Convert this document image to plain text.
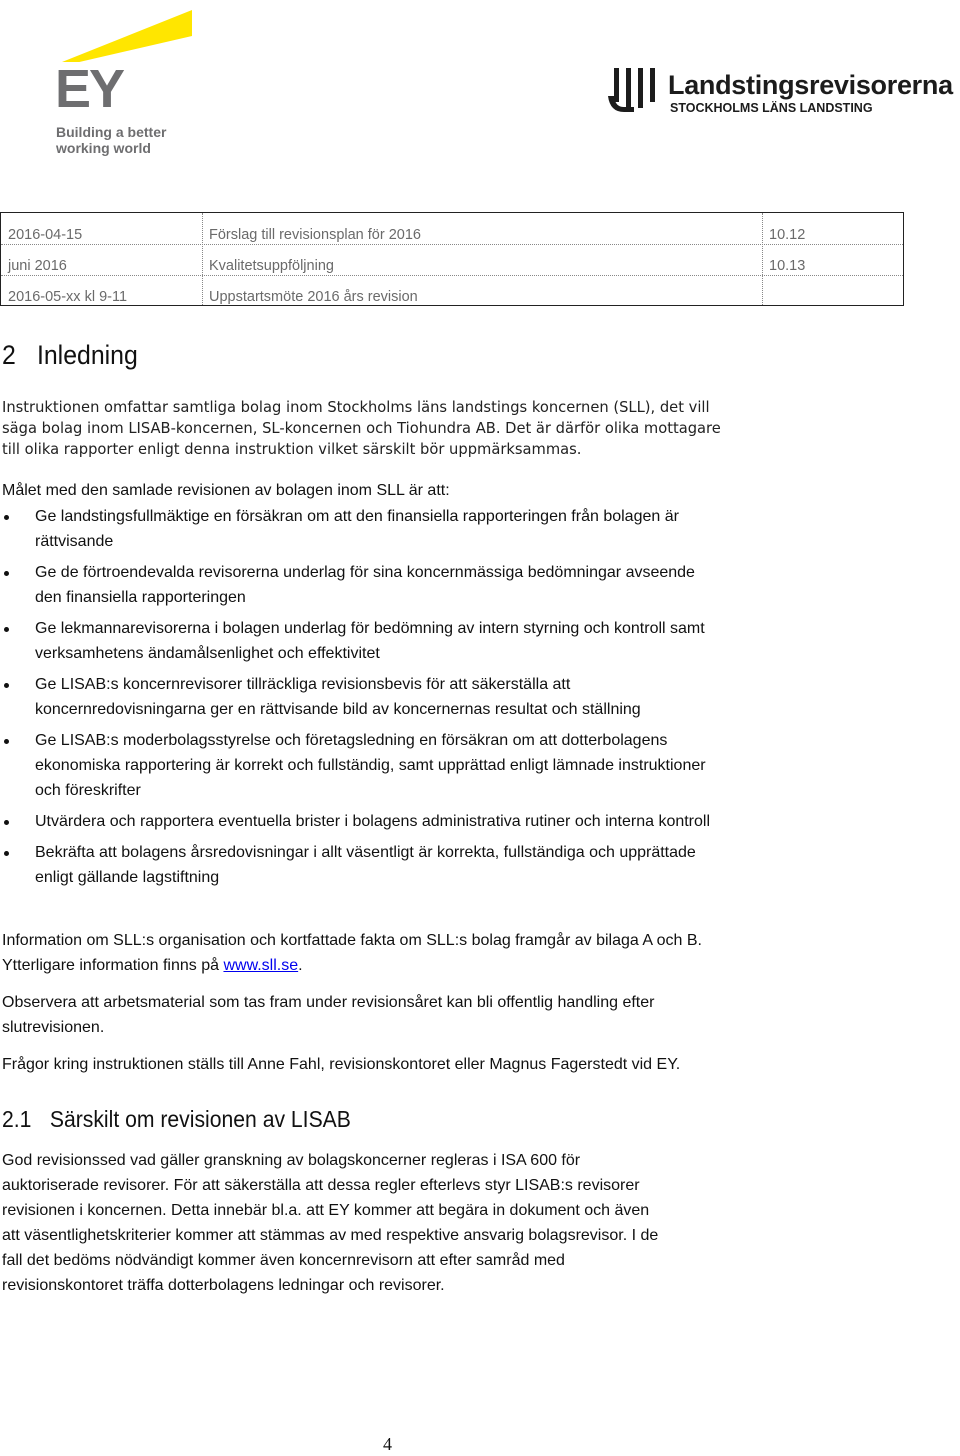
EY
Building a better
working world
Landstingsrevisorerna
STOCKHOLMS LÄNS LANDSTING
2016-04-15	Förslag till revisionsplan för 2016	10.12
juni 2016	Kvalitetsuppföljning	10.13
2016-05-xx kl 9-11	Uppstartsmöte 2016 års revision
2 Inledning
Instruktionen omfattar samtliga bolag inom Stockholms läns landstings koncernen (SLL), det vill
säga bolag inom LISAB-koncernen, SL-koncernen och Tiohundra AB. Det är därför olika mottagare
till olika rapporter enligt denna instruktion vilket särskilt bör uppmärksammas.
Målet med den samlade revisionen av bolagen inom SLL är att:
Ge landstingsfullmäktige en försäkran om att den finansiella rapporteringen från bolagen är
rättvisande
Ge de förtroendevalda revisorerna underlag för sina koncernmässiga bedömningar avseende
den finansiella rapporteringen
Ge lekmannarevisorerna i bolagen underlag för bedömning av intern styrning och kontroll samt
verksamhetens ändamålsenlighet och effektivitet
Ge LISAB:s koncernrevisorer tillräckliga revisionsbevis för att säkerställa att
koncernredovisningarna ger en rättvisande bild av koncernernas resultat och ställning
Ge LISAB:s moderbolagsstyrelse och företagsledning en försäkran om att dotterbolagens
ekonomiska rapportering är korrekt och fullständig, samt upprättad enligt lämnade instruktioner
och föreskrifter
Utvärdera och rapportera eventuella brister i bolagens administrativa rutiner och interna kontroll
Bekräfta att bolagens årsredovisningar i allt väsentligt är korrekta, fullständiga och upprättade
enligt gällande lagstiftning
Information om SLL:s organisation och kortfattade fakta om SLL:s bolag framgår av bilaga A och B.
Ytterligare information finns på www.sll.se.
Observera att arbetsmaterial som tas fram under revisionsåret kan bli offentlig handling efter
slutrevisionen.
Frågor kring instruktionen ställs till Anne Fahl, revisionskontoret eller Magnus Fagerstedt vid EY.
2.1 Särskilt om revisionen av LISAB
God revisionssed vad gäller granskning av bolagskoncerner regleras i ISA 600 för
auktoriserade revisorer. För att säkerställa att dessa regler efterlevs styr LISAB:s revisorer
revisionen i koncernen. Detta innebär bl.a. att EY kommer att begära in dokument och även
att väsentlighetskriterier kommer att stämmas av med respektive ansvarig bolagsrevisor. I de
fall det bedöms nödvändigt kommer även koncernrevisorn att efter samråd med
revisionskontoret träffa dotterbolagens ledningar och revisorer.
4
